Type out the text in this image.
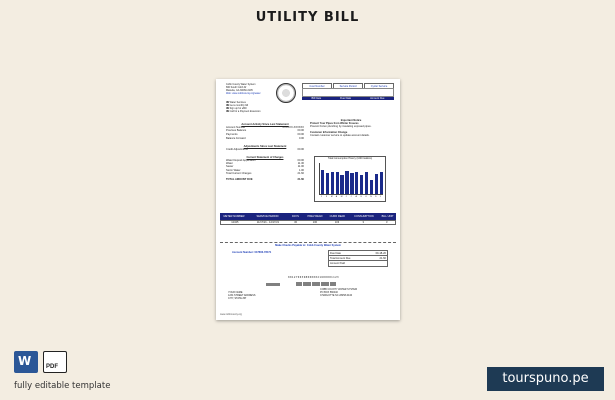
UTILITY BILL
Cobb County Water System
660 South Cobb Dr
Marietta, GA 30060-3105
Web: www.cobbcounty.org/water
Cust Number	Service Period	Cycle/ Service
Bill Date	Due Date	Amount Due
☎ Water Services
☎ Get a monthly bill
☎ Sign up for eBill
☎ Call for a Payment Extension
Account Activity Since Last Statement
Account Number	XXXXXX-XXXXXX
Previous Balance	00.00
Payments	00.00
Balance Forward	0.00
Adjustments Since Last Statement
Credit Adjustments	00.00
Current Statement of Charges
Water Deposit Application	00.00
Water	11.30
Sewer	11.00
Storm Water	1.00
Total Current Charges	21.60
TOTAL AMOUNT DUE	21.60
Important Notice
Protect Your Pipes from Winter Freezes
Prevent frozen plumbing by insulating exposed pipes.
Customer Information Change
Contact customer service to update account details.
Total Consumption History (1000 Gallons)
J F M A M J J A S O N D J
METER NUMBER	SERVICE PERIOD	DAYS	PREV READ	CURR READ	CONSUMPTION	BILL UNIT
12345	11/17/21 - 12/17/21	30	100	103	3	3
Make Checks Payable to: Cobb County Water System
Account Number: 047683-78471	Due Date	09-18-20
Total Amount Due	21.60
Amount Paid
00127003980000021600001123
YOUR NAME
1234 STREET ADDRESS
CITY, STATE ZIP
COBB COUNTY WATER SYSTEM
PO BOX 580440
CHARLOTTE NC 28258-0440
www.cobbcounty.org
W
PDF
fully editable template	tourspuno.pe
